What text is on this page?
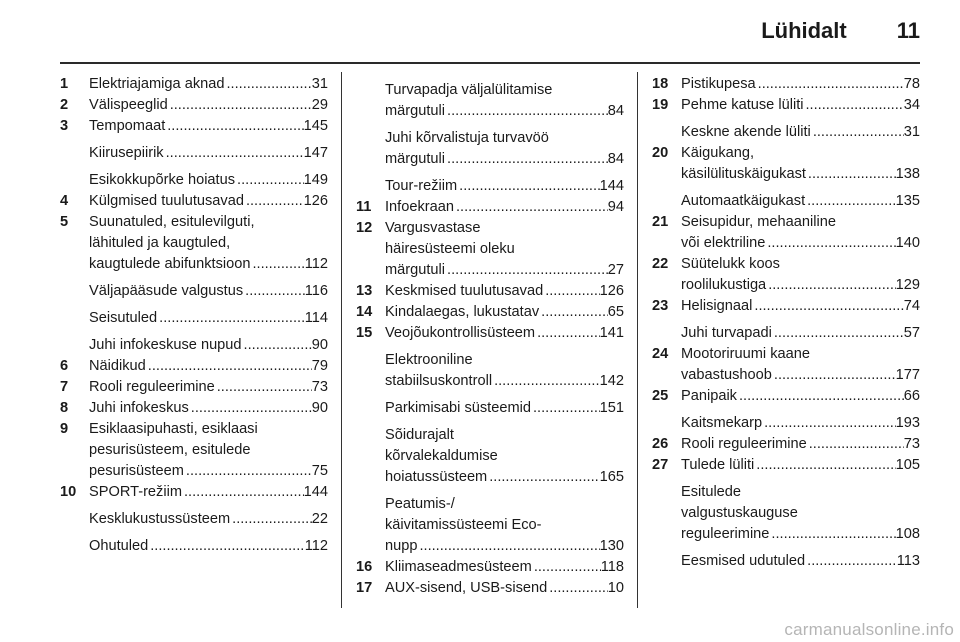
Lühidalt 11
1	Elektriajamiga aknad .....	31
2	Välispeeglid .....	29
3	Tempomaat .....	145
Kiirusepiirik .....	147
Esikokkupõrke hoiatus .....	149
4	Külgmised tuulutusavad .....	126
5	Suunatuled, esitulevilguti,
lähituled ja kaugtuled,
kaugtulede abifunktsioon .....	112
Väljapääsude valgustus .....	116
Seisutuled .....	114
Juhi infokeskuse nupud .....	90
6	Näidikud .....	79
7	Rooli reguleerimine .....	73
8	Juhi infokeskus .....	90
9	Esiklaasipuhasti, esiklaasi
pesurisüsteem, esitulede
pesurisüsteem .....	75
10 SPORT-režiim .....	144
Kesklukustussüsteem .....	22
Ohutuled .....	112
Turvapadja väljalülitamise
märgutuli .....	84
Juhi kõrvalistuja turvavöö
märgutuli .....	84
Tour-režiim .....	144
11 Infoekraan .....	94
12 Vargusvastase
häiresüsteemi oleku
märgutuli .....	27
13 Keskmised tuulutusavad .....	126
14 Kindalaegas, lukustatav .....	65
15 Veojõukontrollisüsteem .....	141
Elektrooniline
stabiilsuskontroll .....	142
Parkimisabi süsteemid .....	151
Sõidurajalt
kõrvalekaldumise
hoiatussüsteem .....	165
Peatumis-/
käivitamissüsteemi Eco-
nupp .....	130
16 Kliimaseadmesüsteem .....	118
17 AUX-sisend, USB-sisend .....	10
18 Pistikupesa .....	78
19 Pehme katuse lüliti .....	34
Keskne akende lüliti .....	31
20 Käigukang,
käsilülituskäigukast .....	138
Automaatkäigukast .....	135
21 Seisupidur, mehaaniline
või elektriline .....	140
22 Süütelukk koos
roolilukustiga .....	129
23 Helisignaal .....	74
Juhi turvapadi .....	57
24 Mootoriruumi kaane
vabastushoob .....	177
25 Panipaik .....	66
Kaitsmekarp .....	193
26 Rooli reguleerimine .....	73
27 Tulede lüliti .....	105
Esitulede
valgustuskauguse
reguleerimine .....	108
Eesmised udutuled .....	113
carmanualsonline.info
